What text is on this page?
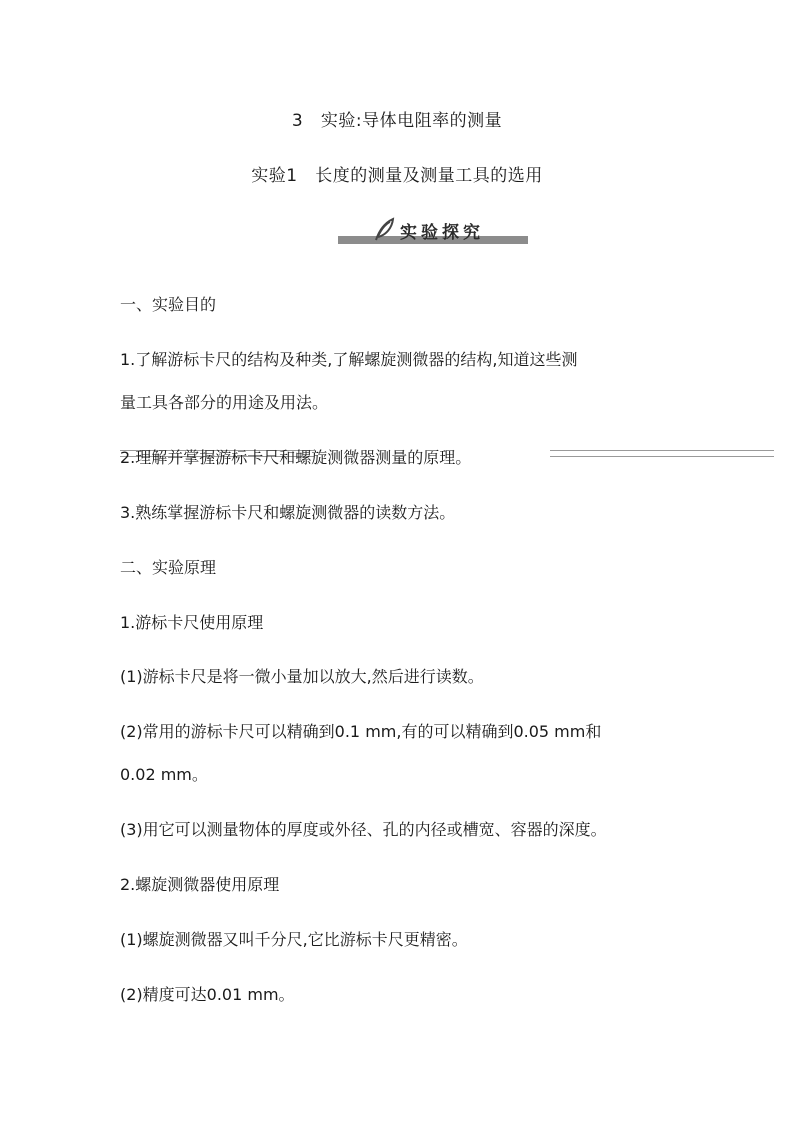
3   实验:导体电阻率的测量
实验1   长度的测量及测量工具的选用
实验探究
一、实验目的
1.了解游标卡尺的结构及种类,了解螺旋测微器的结构,知道这些测
量工具各部分的用途及用法。
2.理解并掌握游标卡尺和螺旋测微器测量的原理。
3.熟练掌握游标卡尺和螺旋测微器的读数方法。
二、实验原理
1.游标卡尺使用原理
(1)游标卡尺是将一微小量加以放大,然后进行读数。
(2)常用的游标卡尺可以精确到0.1 mm,有的可以精确到0.05 mm和
0.02 mm。
(3)用它可以测量物体的厚度或外径、孔的内径或槽宽、容器的深度。
2.螺旋测微器使用原理
(1)螺旋测微器又叫千分尺,它比游标卡尺更精密。
(2)精度可达0.01 mm。
